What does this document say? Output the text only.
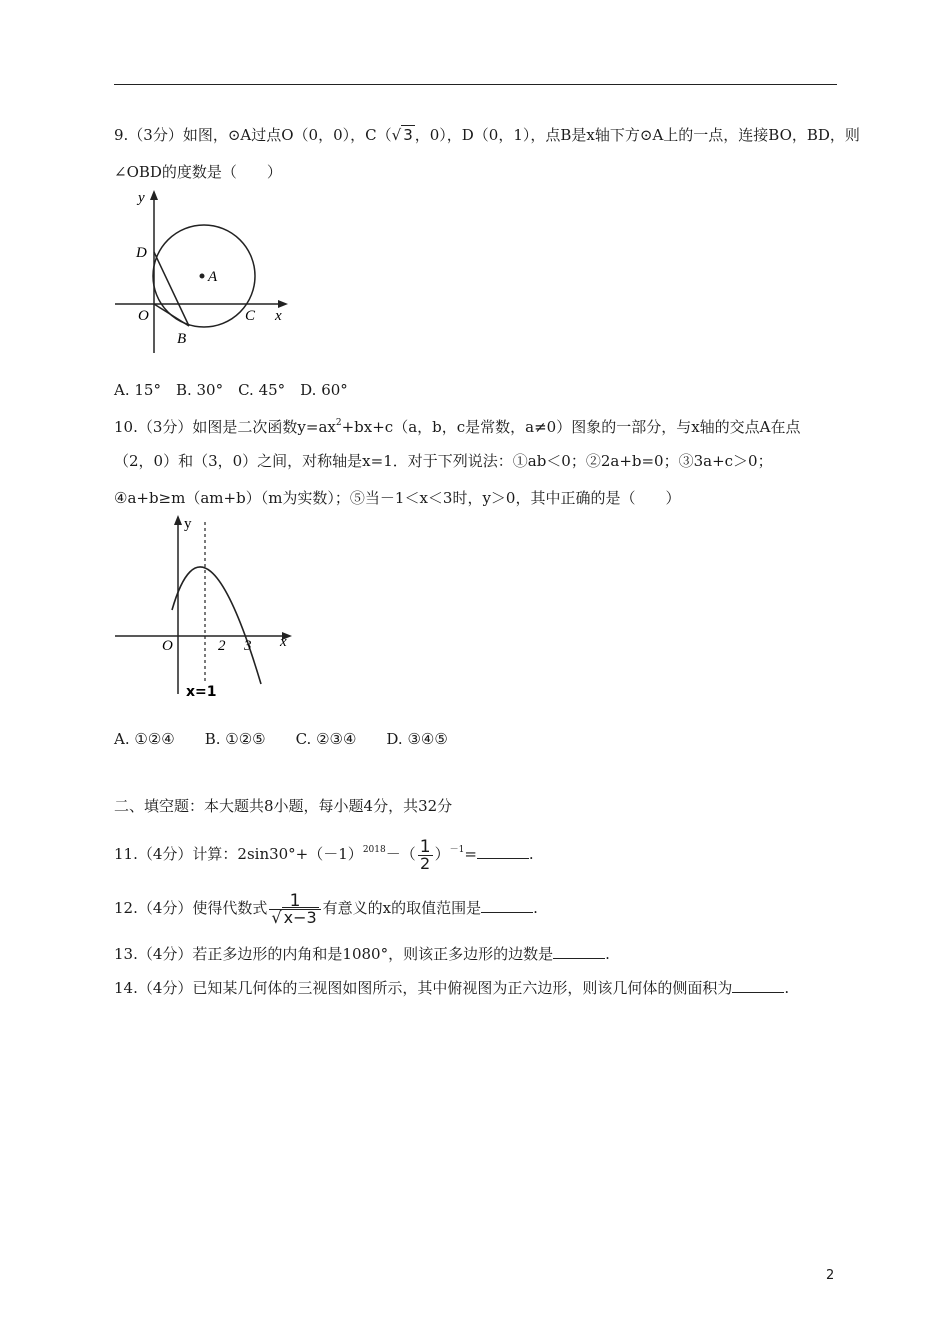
9.（3分）如图，⊙A过点O（0，0），C（√ 3 ，0），D（0，1），点B是x轴下方⊙A上的一点，连接BO，BD，则
∠OBD的度数是（　　）
y
D
A
O	C x
B
A. 15°　B. 30°　C. 45°　D. 60°
10.（3分）如图是二次函数$y=ax^2+bx+c(a$，b，c是常数，a≠0）图象的一部分，与x轴的交点A在点
（2，0）和（3，0）之间，对称轴是x=1．对于下列说法：①ab＜0；②2a+b=0；③3a+c＞0；
④a+b≥m（am+b）（m为实数）；⑤当－1＜x＜3时，y＞0，其中正确的是（　　）
y
O	2 3 x
x=1
A. ①②④　　B. ①②⑤　　C. ②③④　　D. ③④⑤
二、填空题：本大题共8小题，每小题4分，共32分
11.（4分）计算：$2\sin 30^\circ+(-1)^{2018}-( \frac{1}{2} )^{-1}=$	.
12.（4分）使得代数式 $\frac{1}{√ x-3}$ 有意义的x的取值范围是	.
13.（4分）若正多边形的内角和是1080°，则该正多边形的边数是	.
14.（4分）已知某几何体的三视图如图所示，其中俯视图为正六边形，则该几何体的侧面积为	.
2
